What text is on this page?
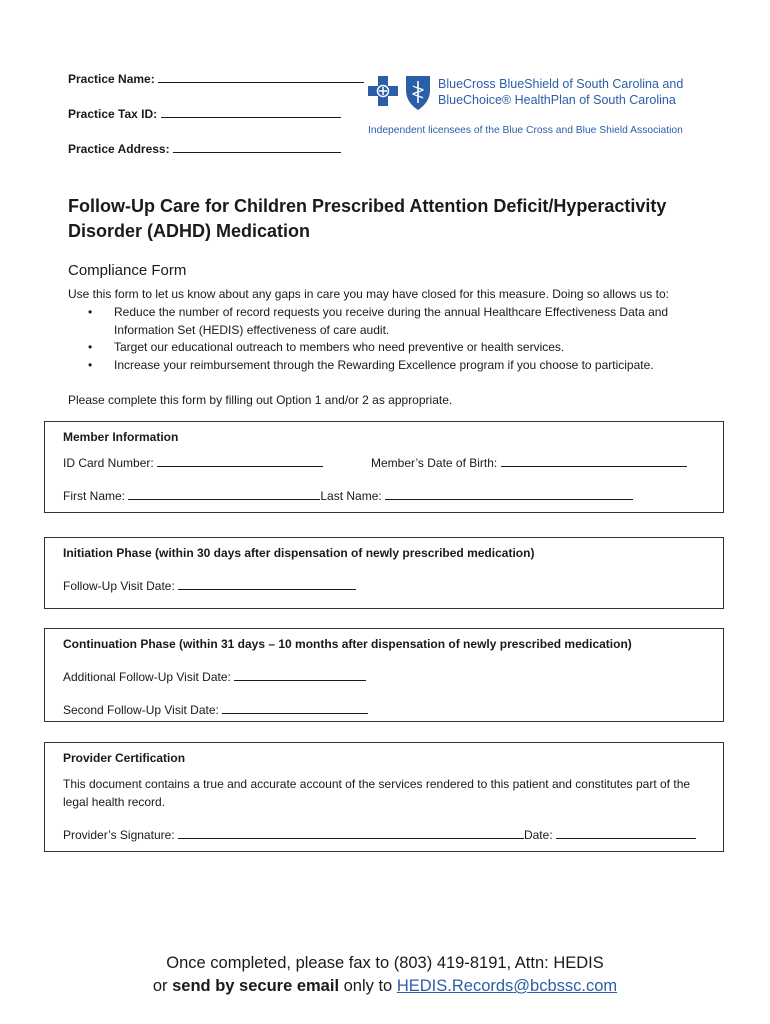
Practice Name:
Practice Tax ID:
Practice Address:
BlueCross BlueShield of South Carolina and
BlueChoice® HealthPlan of South Carolina
Independent licensees of the Blue Cross and Blue Shield Association
Follow-Up Care for Children Prescribed Attention Deficit/Hyperactivity Disorder (ADHD) Medication
Compliance Form
Use this form to let us know about any gaps in care you may have closed for this measure. Doing so allows us to:
• Reduce the number of record requests you receive during the annual Healthcare Effectiveness Data and Information Set (HEDIS) effectiveness of care audit.
• Target our educational outreach to members who need preventive or health services.
• Increase your reimbursement through the Rewarding Excellence program if you choose to participate.
Please complete this form by filling out Option 1 and/or 2 as appropriate.
Member Information
ID Card Number:	Member’s Date of Birth:
First Name:	Last Name:
Initiation Phase (within 30 days after dispensation of newly prescribed medication)
Follow-Up Visit Date:
Continuation Phase (within 31 days – 10 months after dispensation of newly prescribed medication)
Additional Follow-Up Visit Date:
Second Follow-Up Visit Date:
Provider Certification
This document contains a true and accurate account of the services rendered to this patient and constitutes part of the legal health record.
Provider’s Signature:	Date:
Once completed, please fax to (803) 419-8191, Attn: HEDIS
or send by secure email only to HEDIS.Records@bcbssc.com
